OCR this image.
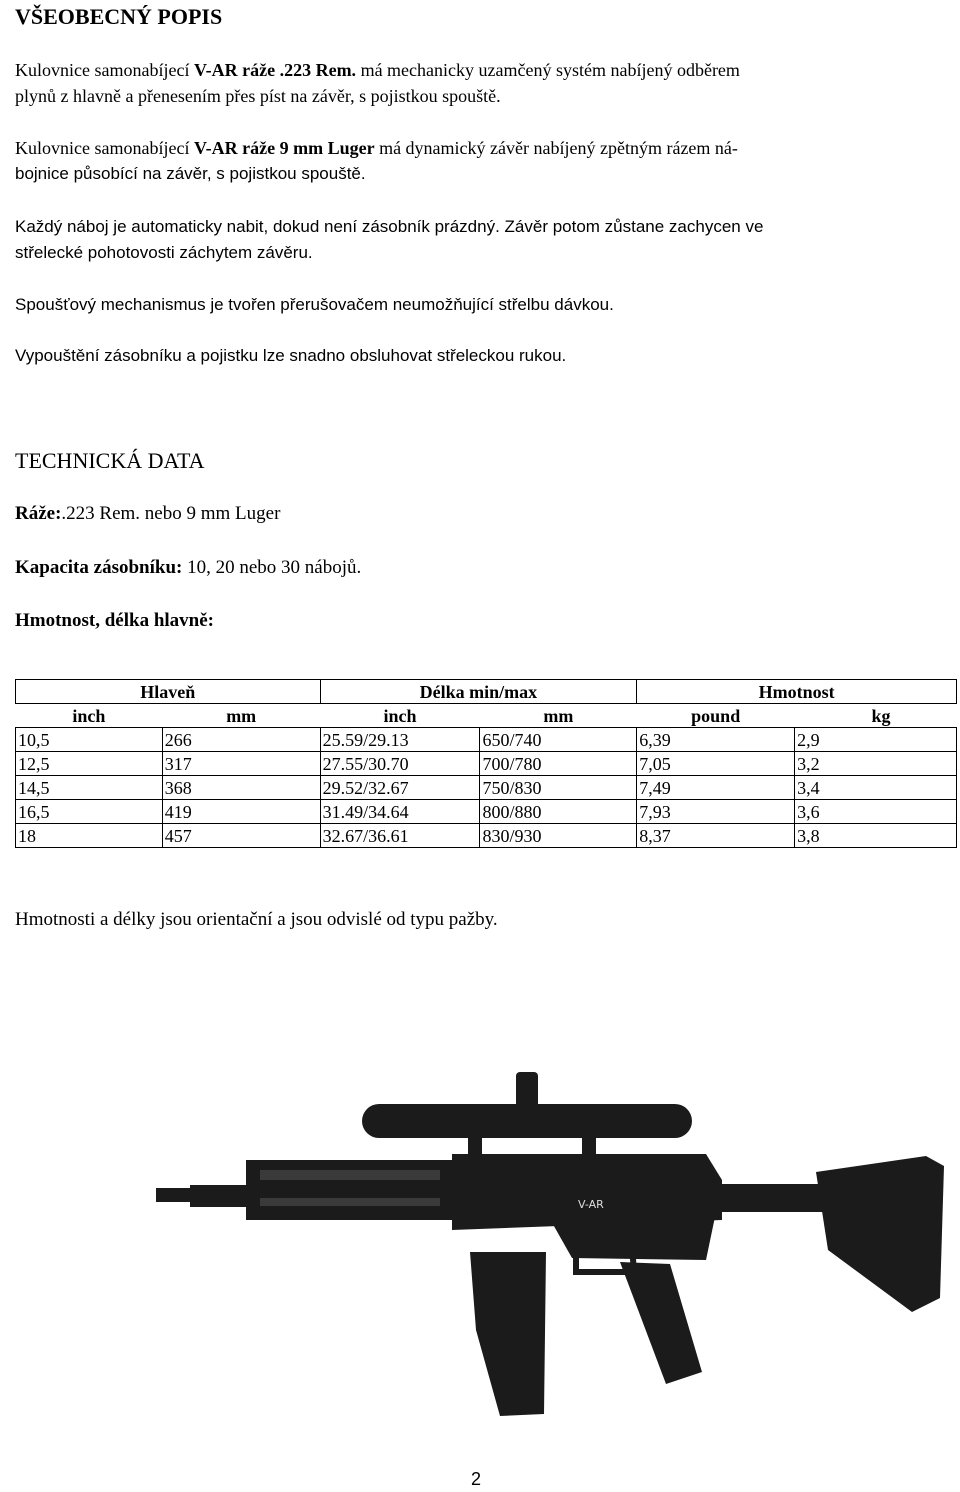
VŠEOBECNÝ POPIS
Kulovnice samonabíjecí V-AR ráže .223 Rem. má mechanicky uzamčený systém nabíjený odběrem
plynů z hlavně a přenesením přes píst na závěr, s pojistkou spouště.
Kulovnice samonabíjecí V-AR ráže 9 mm Luger má dynamický závěr nabíjený zpětným rázem ná-
bojnice působící na závěr, s pojistkou spouště.
Každý náboj je automaticky nabit, dokud není zásobník prázdný. Závěr potom zůstane zachycen ve
střelecké pohotovosti záchytem závěru.
Spoušťový mechanismus je tvořen přerušovačem neumožňující střelbu dávkou.
Vypouštění zásobníku a pojistku lze snadno obsluhovat střeleckou rukou.
TECHNICKÁ DATA
Ráže:.223 Rem. nebo 9 mm Luger
Kapacita zásobníku: 10, 20 nebo 30 nábojů.
Hmotnost, délka hlavně:
Hlaveň		Délka min/max		Hmotnost	
inch	mm	inch	mm	pound	kg
10,5	266	25.59/29.13	650/740	6,39	2,9
12,5	317	27.55/30.70	700/780	7,05	3,2
14,5	368	29.52/32.67	750/830	7,49	3,4
16,5	419	31.49/34.64	800/880	7,93	3,6
18	457	32.67/36.61	830/930	8,37	3,8
Hmotnosti a délky jsou orientační a jsou odvislé od typu pažby.
V-AR
2
